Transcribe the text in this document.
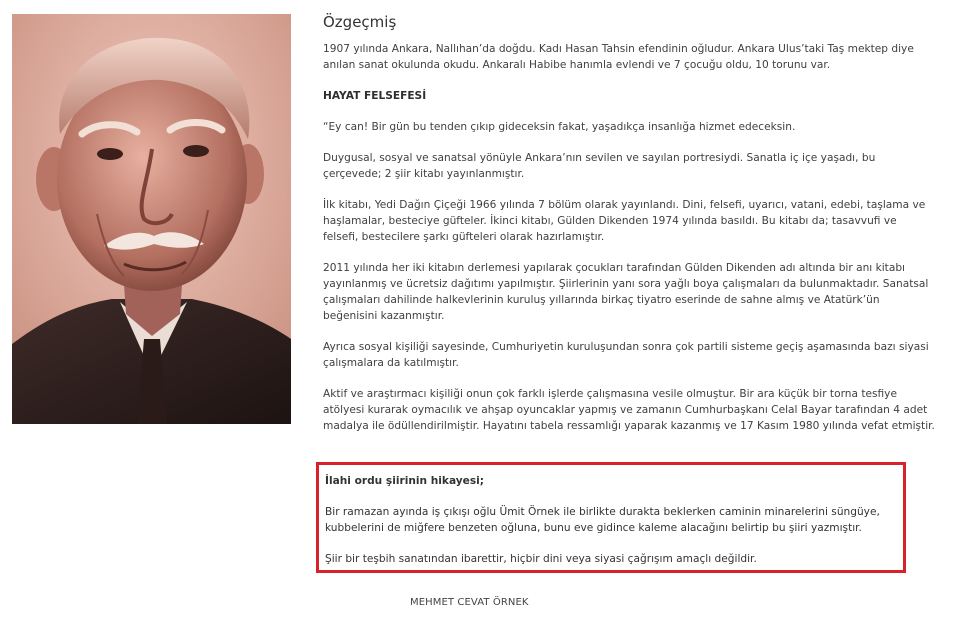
Özgeçmiş

1907 yılında Ankara, Nallıhan’da doğdu. Kadı Hasan Tahsin efendinin oğludur. Ankara Ulus’taki Taş mektep diye anılan sanat okulunda okudu. Ankaralı Habibe hanımla evlendi ve 7 çocuğu oldu, 10 torunu var.

HAYAT FELSEFESİ

“Ey can! Bir gün bu tenden çıkıp gideceksin fakat, yaşadıkça insanlığa hizmet edeceksin.

Duygusal, sosyal ve sanatsal yönüyle Ankara’nın sevilen ve sayılan portresiydi. Sanatla iç içe yaşadı, bu çerçevede; 2 şiir kitabı yayınlanmıştır.

İlk kitabı, Yedi Dağın Çiçeği 1966 yılında 7 bölüm olarak yayınlandı. Dini, felsefi, uyarıcı, vatani, edebi, taşlama ve haşlamalar, besteciye güfteler. İkinci kitabı, Gülden Dikenden 1974 yılında basıldı. Bu kitabı da; tasavvufi ve felsefi, bestecilere şarkı güfteleri olarak hazırlamıştır.

2011 yılında her iki kitabın derlemesi yapılarak çocukları tarafından Gülden Dikenden adı altında bir anı kitabı yayınlanmış ve ücretsiz dağıtımı yapılmıştır. Şiirlerinin yanı sora yağlı boya çalışmaları da bulunmaktadır. Sanatsal çalışmaları dahilinde halkevlerinin kuruluş yıllarında birkaç tiyatro eserinde de sahne almış ve Atatürk’ün beğenisini kazanmıştır.

Ayrıca sosyal kişiliği sayesinde, Cumhuriyetin kuruluşundan sonra çok partili sisteme geçiş aşamasında bazı siyasi çalışmalara da katılmıştır.

Aktif ve araştırmacı kişiliği onun çok farklı işlerde çalışmasına vesile olmuştur. Bir ara küçük bir torna tesfiye atölyesi kurarak oymacılık ve ahşap oyuncaklar yapmış ve zamanın Cumhurbaşkanı Celal Bayar tarafından 4 adet madalya ile ödüllendirilmiştir. Hayatını tabela ressamlığı yaparak kazanmış ve 17 Kasım 1980 yılında vefat etmiştir.

İlahi ordu şiirinin hikayesi;

Bir ramazan ayında iş çıkışı oğlu Ümit Örnek ile birlikte durakta beklerken caminin minarelerini süngüye, kubbelerini de miğfere benzeten oğluna, bunu eve gidince kaleme alacağını belirtip bu şiiri yazmıştır.

Şiir bir teşbih sanatından ibarettir, hiçbir dini veya siyasi çağrışım amaçlı değildir.

MEHMET CEVAT ÖRNEK
